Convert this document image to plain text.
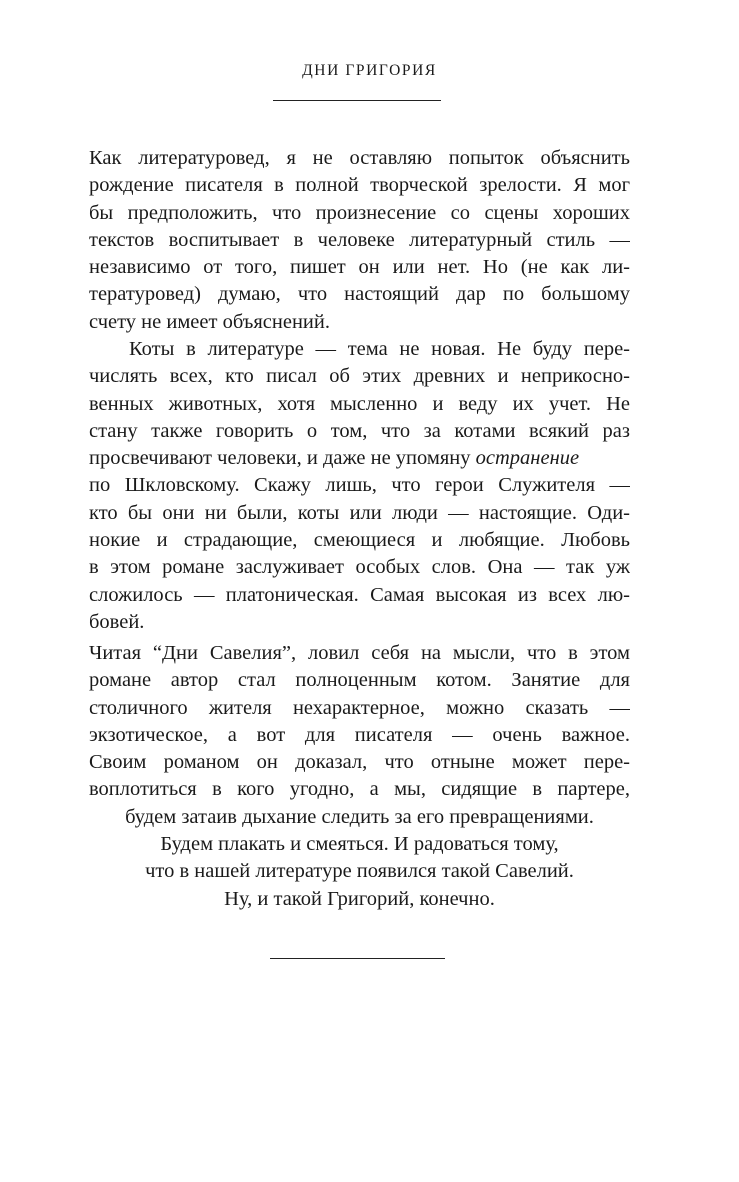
ДНИ ГРИГОРИЯ
Как литературовед, я не оставляю попыток объяснить
рождение писателя в полной творческой зрелости. Я мог
бы предположить, что произнесение со сцены хороших
текстов воспитывает в человеке литературный стиль —
независимо от того, пишет он или нет. Но (не как ли-
тературовед) думаю, что настоящий дар по большому
счету не имеет объяснений.
Коты в литературе — тема не новая. Не буду пере-
числять всех, кто писал об этих древних и неприкосно-
венных животных, хотя мысленно и веду их учет. Не
стану также говорить о том, что за котами всякий раз
просвечивают человеки, и даже не упомяну остранение
по Шкловскому. Скажу лишь, что герои Служителя —
кто бы они ни были, коты или люди — настоящие. Оди-
нокие и страдающие, смеющиеся и любящие. Любовь
в этом романе заслуживает особых слов. Она — так уж
сложилось — платоническая. Самая высокая из всех лю-
бовей.
Читая “Дни Савелия”, ловил себя на мысли, что в этом
романе автор стал полноценным котом. Занятие для
столичного жителя нехарактерное, можно сказать —
экзотическое, а вот для писателя — очень важное.
Своим романом он доказал, что отныне может пере-
воплотиться в кого угодно, а мы, сидящие в партере,
будем затаив дыхание следить за его превращениями.
Будем плакать и смеяться. И радоваться тому,
что в нашей литературе появился такой Савелий.
Ну, и такой Григорий, конечно.
